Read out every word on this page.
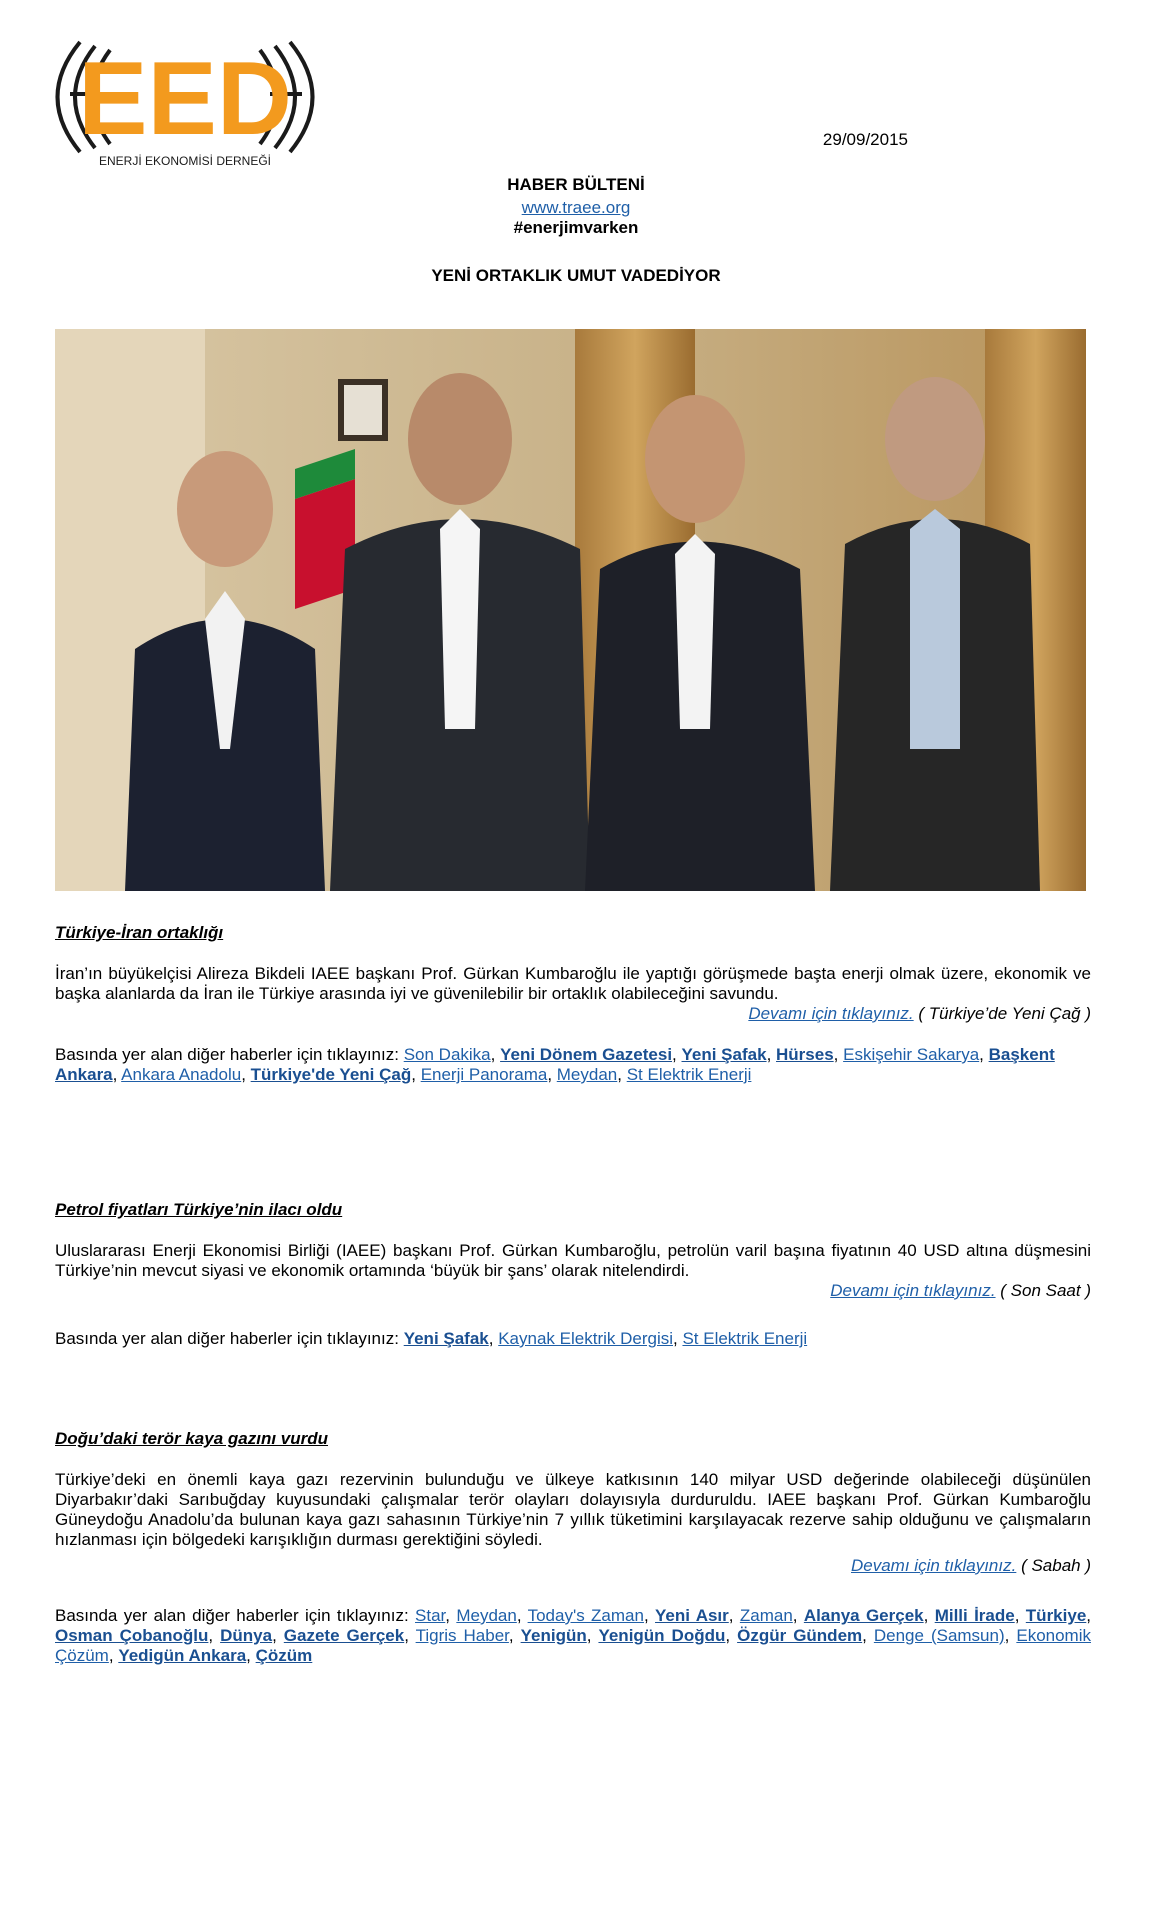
EED
ENERJİ EKONOMİSİ DERNEĞİ
29/09/2015
HABER BÜLTENİ
www.traee.org
#enerjimvarken
YENİ ORTAKLIK UMUT VADEDİYOR
Türkiye-İran ortaklığı
İran’ın büyükelçisi Alireza Bikdeli IAEE başkanı Prof. Gürkan Kumbaroğlu ile yaptığı görüşmede başta enerji olmak üzere, ekonomik ve başka alanlarda da İran ile Türkiye arasında iyi ve güvenilebilir bir ortaklık olabileceğini savundu.
Devamı için tıklayınız. ( Türkiye’de Yeni Çağ )
Basında yer alan diğer haberler için tıklayınız: Son Dakika, Yeni Dönem Gazetesi, Yeni Şafak, Hürses, Eskişehir Sakarya, Başkent Ankara, Ankara Anadolu, Türkiye'de Yeni Çağ, Enerji Panorama, Meydan, St Elektrik Enerji
Petrol fiyatları Türkiye’nin ilacı oldu
Uluslararası Enerji Ekonomisi Birliği (IAEE) başkanı Prof. Gürkan Kumbaroğlu, petrolün varil başına fiyatının 40 USD altına düşmesini Türkiye’nin mevcut siyasi ve ekonomik ortamında ‘büyük bir şans’ olarak nitelendirdi.
Devamı için tıklayınız. ( Son Saat )
Basında yer alan diğer haberler için tıklayınız: Yeni Şafak, Kaynak Elektrik Dergisi, St Elektrik Enerji
Doğu’daki terör kaya gazını vurdu
Türkiye’deki en önemli kaya gazı rezervinin bulunduğu ve ülkeye katkısının 140 milyar USD değerinde olabileceği düşünülen Diyarbakır’daki Sarıbuğday kuyusundaki çalışmalar terör olayları dolayısıyla durduruldu. IAEE başkanı Prof. Gürkan Kumbaroğlu Güneydoğu Anadolu’da bulunan kaya gazı sahasının Türkiye’nin 7 yıllık tüketimini karşılayacak rezerve sahip olduğunu ve çalışmaların hızlanması için bölgedeki karışıklığın durması gerektiğini söyledi.
Devamı için tıklayınız. ( Sabah )
Basında yer alan diğer haberler için tıklayınız: Star, Meydan, Today's Zaman, Yeni Asır, Zaman, Alanya Gerçek, Milli İrade, Türkiye, Osman Çobanoğlu, Dünya, Gazete Gerçek, Tigris Haber, Yenigün, Yenigün Doğdu, Özgür Gündem, Denge (Samsun), Ekonomik Çözüm, Yedigün Ankara, Çözüm
